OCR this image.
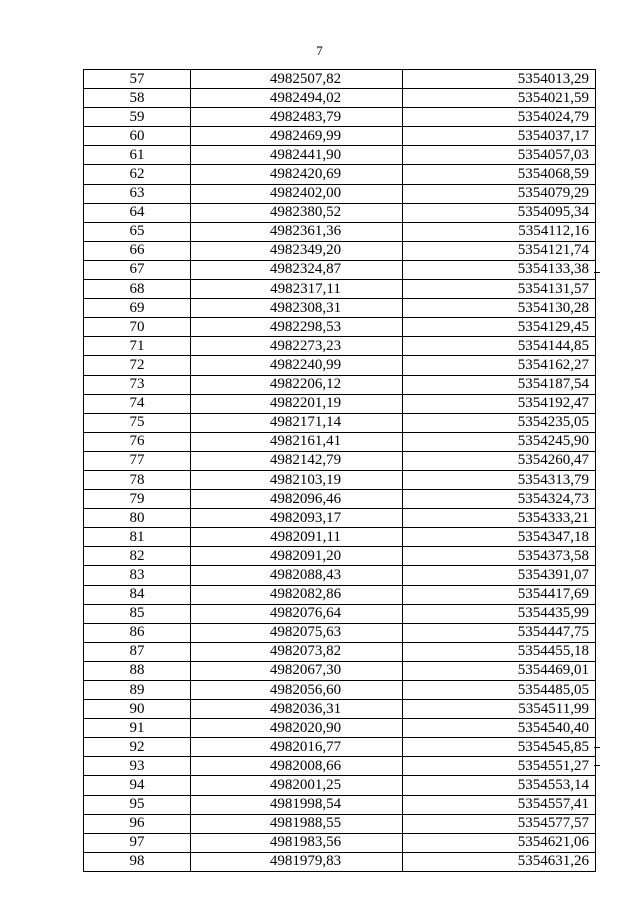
7
57	4982507,82	5354013,29
58	4982494,02	5354021,59
59	4982483,79	5354024,79
60	4982469,99	5354037,17
61	4982441,90	5354057,03
62	4982420,69	5354068,59
63	4982402,00	5354079,29
64	4982380,52	5354095,34
65	4982361,36	5354112,16
66	4982349,20	5354121,74
67	4982324,87	5354133,38
68	4982317,11	5354131,57
69	4982308,31	5354130,28
70	4982298,53	5354129,45
71	4982273,23	5354144,85
72	4982240,99	5354162,27
73	4982206,12	5354187,54
74	4982201,19	5354192,47
75	4982171,14	5354235,05
76	4982161,41	5354245,90
77	4982142,79	5354260,47
78	4982103,19	5354313,79
79	4982096,46	5354324,73
80	4982093,17	5354333,21
81	4982091,11	5354347,18
82	4982091,20	5354373,58
83	4982088,43	5354391,07
84	4982082,86	5354417,69
85	4982076,64	5354435,99
86	4982075,63	5354447,75
87	4982073,82	5354455,18
88	4982067,30	5354469,01
89	4982056,60	5354485,05
90	4982036,31	5354511,99
91	4982020,90	5354540,40
92	4982016,77	5354545,85
93	4982008,66	5354551,27
94	4982001,25	5354553,14
95	4981998,54	5354557,41
96	4981988,55	5354577,57
97	4981983,56	5354621,06
98	4981979,83	5354631,26
